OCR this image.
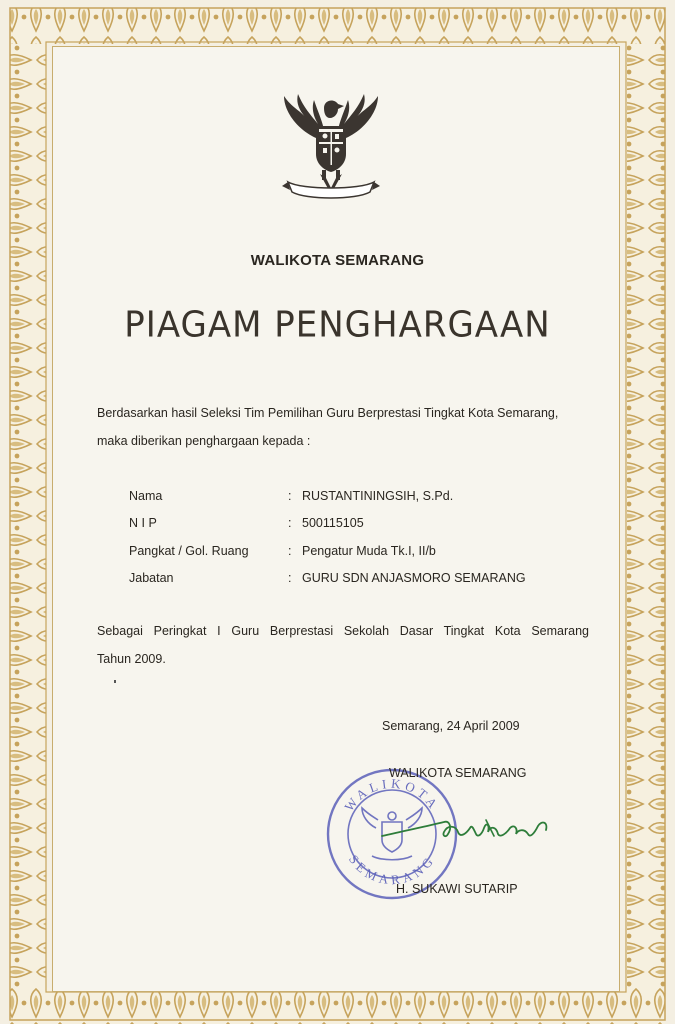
WALIKOTA SEMARANG
PIAGAM PENGHARGAAN
Berdasarkan hasil Seleksi Tim Pemilihan Guru Berprestasi Tingkat Kota Semarang,
maka diberikan penghargaan kepada :
Nama	: RUSTANTININGSIH, S.Pd.
N I P	: 500115105
Pangkat / Gol. Ruang	: Pengatur Muda Tk.I, II/b
Jabatan	: GURU SDN ANJASMORO SEMARANG
Sebagai Peringkat I Guru Berprestasi Sekolah Dasar Tingkat Kota Semarang
Tahun 2009.
Semarang, 24 April 2009
WALIKOTA
SEMARANG
WALIKOTA SEMARANG
H. SUKAWI SUTARIP
